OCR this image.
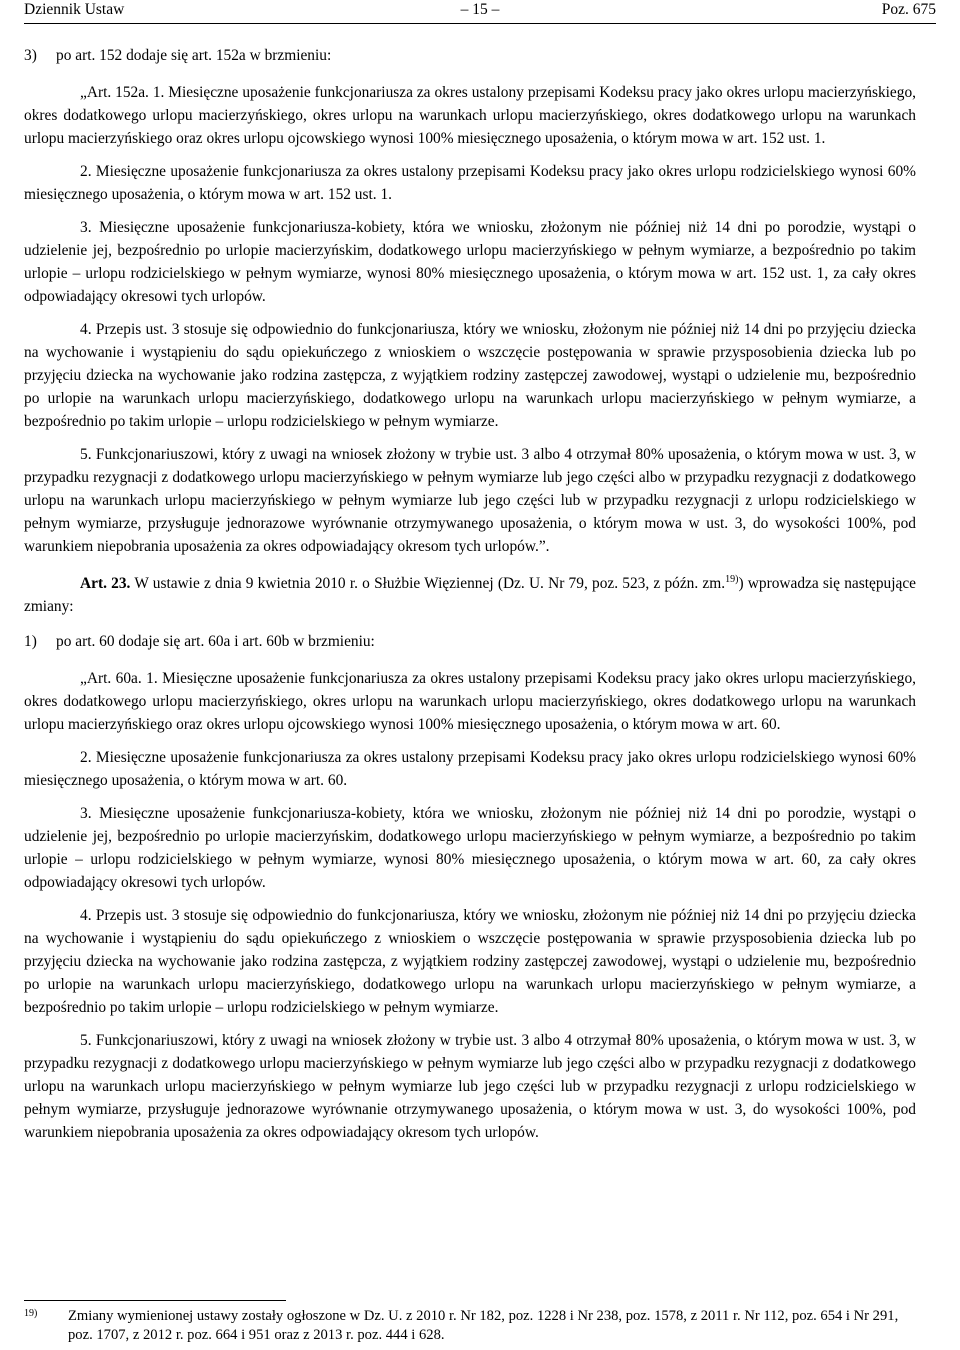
Dziennik Ustaw	– 15 –	Poz. 675
3)	po art. 152 dodaje się art. 152a w brzmieniu:

„Art. 152a. 1. Miesięczne uposażenie funkcjonariusza za okres ustalony przepisami Kodeksu pracy jako okres urlopu macierzyńskiego, okres dodatkowego urlopu macierzyńskiego, okres urlopu na warunkach urlopu macierzyńskiego, okres dodatkowego urlopu na warunkach urlopu macierzyńskiego oraz okres urlopu ojcowskiego wynosi 100% miesięcznego uposażenia, o którym mowa w art. 152 ust. 1.

2. Miesięczne uposażenie funkcjonariusza za okres ustalony przepisami Kodeksu pracy jako okres urlopu rodzicielskiego wynosi 60% miesięcznego uposażenia, o którym mowa w art. 152 ust. 1.

3. Miesięczne uposażenie funkcjonariusza-kobiety, która we wniosku, złożonym nie później niż 14 dni po porodzie, wystąpi o udzielenie jej, bezpośrednio po urlopie macierzyńskim, dodatkowego urlopu macierzyńskiego w pełnym wymiarze, a bezpośrednio po takim urlopie – urlopu rodzicielskiego w pełnym wymiarze, wynosi 80% miesięcznego uposażenia, o którym mowa w art. 152 ust. 1, za cały okres odpowiadający okresowi tych urlopów.

4. Przepis ust. 3 stosuje się odpowiednio do funkcjonariusza, który we wniosku, złożonym nie później niż 14 dni po przyjęciu dziecka na wychowanie i wystąpieniu do sądu opiekuńczego z wnioskiem o wszczęcie postępowania w sprawie przysposobienia dziecka lub po przyjęciu dziecka na wychowanie jako rodzina zastępcza, z wyjątkiem rodziny zastępczej zawodowej, wystąpi o udzielenie mu, bezpośrednio po urlopie na warunkach urlopu macierzyńskiego, dodatkowego urlopu na warunkach urlopu macierzyńskiego w pełnym wymiarze, a bezpośrednio po takim urlopie – urlopu rodzicielskiego w pełnym wymiarze.

5. Funkcjonariuszowi, który z uwagi na wniosek złożony w trybie ust. 3 albo 4 otrzymał 80% uposażenia, o którym mowa w ust. 3, w przypadku rezygnacji z dodatkowego urlopu macierzyńskiego w pełnym wymiarze lub jego części albo w przypadku rezygnacji z dodatkowego urlopu na warunkach urlopu macierzyńskiego w pełnym wymiarze lub jego części lub w przypadku rezygnacji z urlopu rodzicielskiego w pełnym wymiarze, przysługuje jednorazowe wyrównanie otrzymywanego uposażenia, o którym mowa w ust. 3, do wysokości 100%, pod warunkiem niepobrania uposażenia za okres odpowiadający okresom tych urlopów.”.

Art. 23. W ustawie z dnia 9 kwietnia 2010 r. o Służbie Więziennej (Dz. U. Nr 79, poz. 523, z późn. zm.$^{19)}$) wprowadza się następujące zmiany:

1)	po art. 60 dodaje się art. 60a i art. 60b w brzmieniu:

„Art. 60a. 1. Miesięczne uposażenie funkcjonariusza za okres ustalony przepisami Kodeksu pracy jako okres urlopu macierzyńskiego, okres dodatkowego urlopu macierzyńskiego, okres urlopu na warunkach urlopu macierzyńskiego, okres dodatkowego urlopu na warunkach urlopu macierzyńskiego oraz okres urlopu ojcowskiego wynosi 100% miesięcznego uposażenia, o którym mowa w art. 60.

2. Miesięczne uposażenie funkcjonariusza za okres ustalony przepisami Kodeksu pracy jako okres urlopu rodzicielskiego wynosi 60% miesięcznego uposażenia, o którym mowa w art. 60.

3. Miesięczne uposażenie funkcjonariusza-kobiety, która we wniosku, złożonym nie później niż 14 dni po porodzie, wystąpi o udzielenie jej, bezpośrednio po urlopie macierzyńskim, dodatkowego urlopu macierzyńskiego w pełnym wymiarze, a bezpośrednio po takim urlopie – urlopu rodzicielskiego w pełnym wymiarze, wynosi 80% miesięcznego uposażenia, o którym mowa w art. 60, za cały okres odpowiadający okresowi tych urlopów.

4. Przepis ust. 3 stosuje się odpowiednio do funkcjonariusza, który we wniosku, złożonym nie później niż 14 dni po przyjęciu dziecka na wychowanie i wystąpieniu do sądu opiekuńczego z wnioskiem o wszczęcie postępowania w sprawie przysposobienia dziecka lub po przyjęciu dziecka na wychowanie jako rodzina zastępcza, z wyjątkiem rodziny zastępczej zawodowej, wystąpi o udzielenie mu, bezpośrednio po urlopie na warunkach urlopu macierzyńskiego, dodatkowego urlopu na warunkach urlopu macierzyńskiego w pełnym wymiarze, a bezpośrednio po takim urlopie – urlopu rodzicielskiego w pełnym wymiarze.

5. Funkcjonariuszowi, który z uwagi na wniosek złożony w trybie ust. 3 albo 4 otrzymał 80% uposażenia, o którym mowa w ust. 3, w przypadku rezygnacji z dodatkowego urlopu macierzyńskiego w pełnym wymiarze lub jego części albo w przypadku rezygnacji z dodatkowego urlopu na warunkach urlopu macierzyńskiego w pełnym wymiarze lub jego części lub w przypadku rezygnacji z urlopu rodzicielskiego w pełnym wymiarze, przysługuje jednorazowe wyrównanie otrzymywanego uposażenia, o którym mowa w ust. 3, do wysokości 100%, pod warunkiem niepobrania uposażenia za okres odpowiadający okresom tych urlopów.

19)	Zmiany wymienionej ustawy zostały ogłoszone w Dz. U. z 2010 r. Nr 182, poz. 1228 i Nr 238, poz. 1578, z 2011 r. Nr 112, poz. 654 i Nr 291, poz. 1707, z 2012 r. poz. 664 i 951 oraz z 2013 r. poz. 444 i 628.
